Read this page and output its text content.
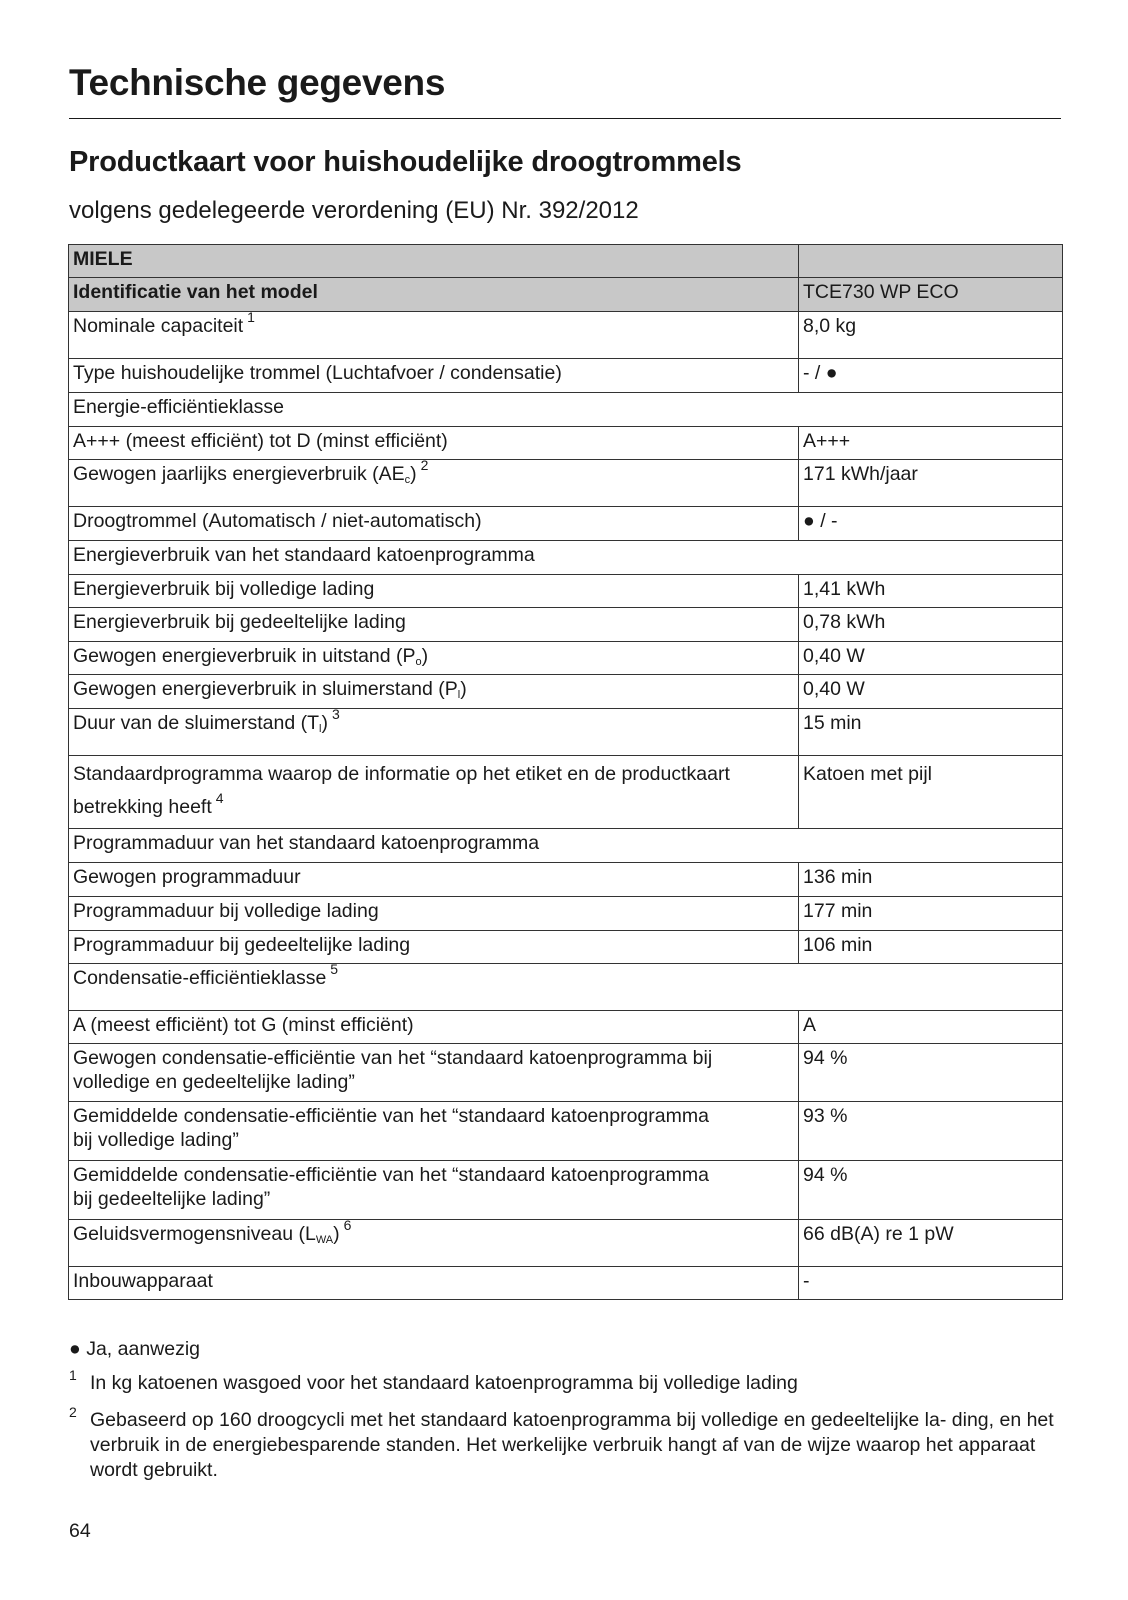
Technische gegevens
Productkaart voor huishoudelijke droogtrommels

volgens gedelegeerde verordening (EU) Nr. 392/2012

MIELE	
Identificatie van het model	TCE730 WP ECO
Nominale capaciteit $^1$	8,0 kg
Type huishoudelijke trommel (Luchtafvoer / condensatie)	- / ●
Energie-efficiëntieklasse	
A+++ (meest efficiënt) tot D (minst efficiënt)	A+++
Gewogen jaarlijks energieverbruik $(AE_c)$ $^2$	171 kWh/jaar
Droogtrommel (Automatisch / niet-automatisch)	● / -
Energieverbruik van het standaard katoenprogramma	
Energieverbruik bij volledige lading	1,41 kWh
Energieverbruik bij gedeeltelijke lading	0,78 kWh
Gewogen energieverbruik in uitstand $(P_o)$	0,40 W
Gewogen energieverbruik in sluimerstand $(P_l)$	0,40 W
Duur van de sluimerstand $(T_l)$ $^3$	15 min
Standaardprogramma waarop de informatie op het etiket en de productkaart
betrekking heeft $^4$	Katoen met pijl
Programmaduur van het standaard katoenprogramma	
Gewogen programmaduur	136 min
Programmaduur bij volledige lading	177 min
Programmaduur bij gedeeltelijke lading	106 min
Condensatie-efficiëntieklasse $^5$
A (meest efficiënt) tot G (minst efficiënt)	A
Gewogen condensatie-efficiëntie van het “standaard katoenprogramma bij
volledige en gedeeltelijke lading”	94 %
Gemiddelde condensatie-efficiëntie van het “standaard katoenprogramma
bij volledige lading”	93 %
Gemiddelde condensatie-efficiëntie van het “standaard katoenprogramma
bij gedeeltelijke lading”	94 %
Geluidsvermogensniveau $(L_{WA})$ $^6$	66 dB(A) re 1 pW
Inbouwapparaat	-

● Ja, aanwezig

1 In kg katoenen wasgoed voor het standaard katoenprogramma bij volledige lading
2 Gebaseerd op 160 droogcycli met het standaard katoenprogramma bij volledige en gedeeltelijke la- ding, en het verbruik in de energiebesparende standen. Het werkelijke verbruik hangt af van de wijze waarop het apparaat wordt gebruikt.

64
